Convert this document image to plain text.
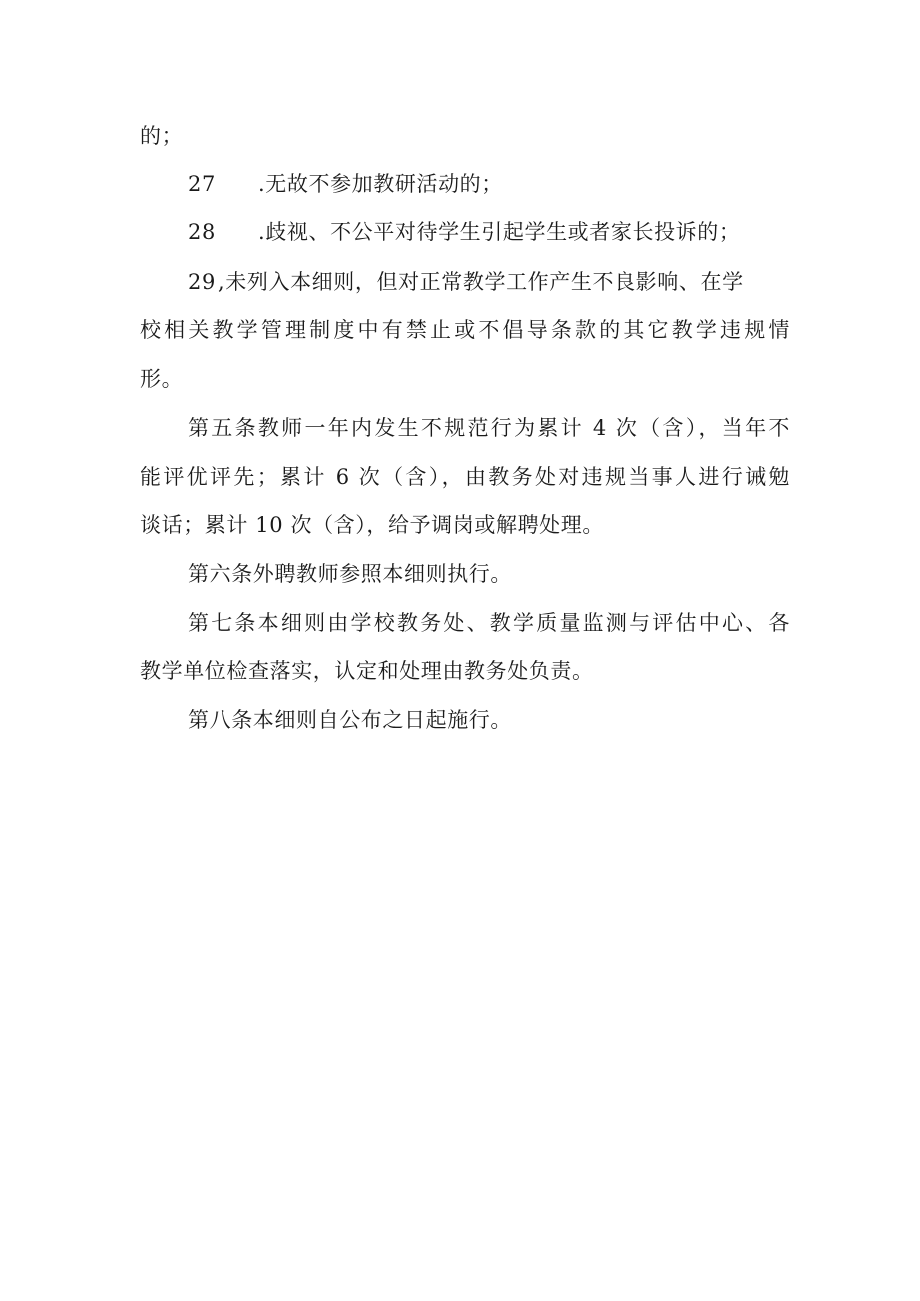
的；
27 .无故不参加教研活动的；
28 .歧视、不公平对待学生引起学生或者家长投诉的；
29,未列入本细则，但对正常教学工作产生不良影响、在学
校相关教学管理制度中有禁止或不倡导条款的其它教学违规情
形。
第五条教师一年内发生不规范行为累计 4 次（含），当年不
能评优评先；累计 6 次（含），由教务处对违规当事人进行诫勉
谈话；累计 10 次（含），给予调岗或解聘处理。
第六条外聘教师参照本细则执行。
第七条本细则由学校教务处、教学质量监测与评估中心、各
教学单位检查落实，认定和处理由教务处负责。
第八条本细则自公布之日起施行。
